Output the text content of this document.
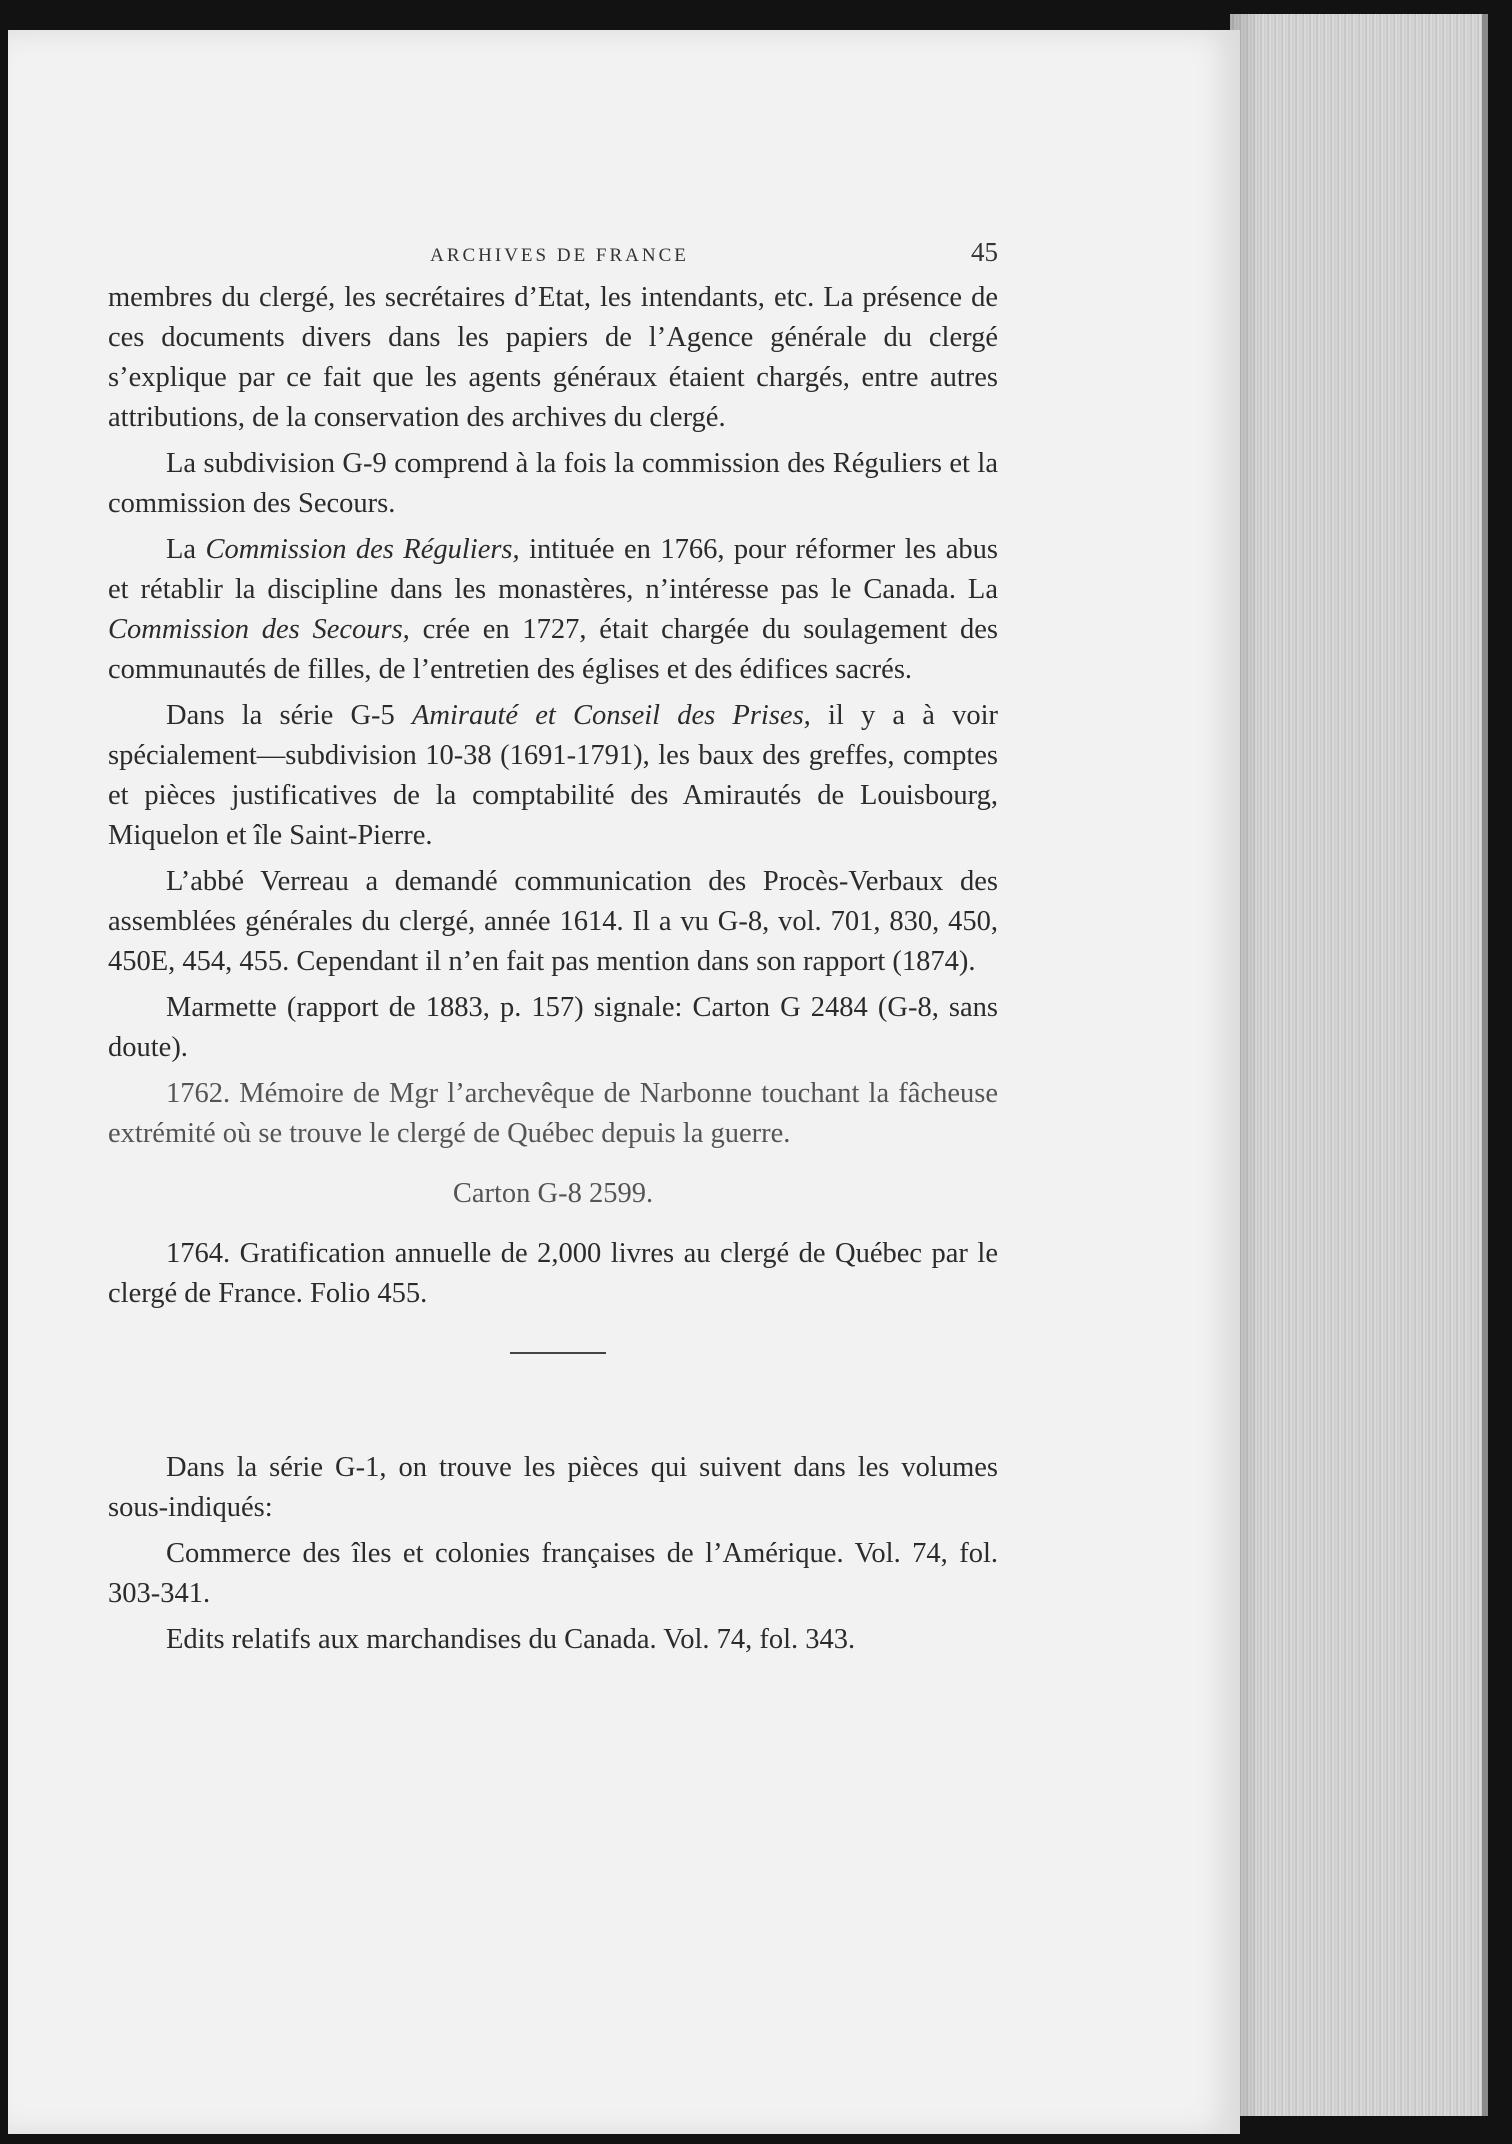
ARCHIVES DE FRANCE	45

membres du clergé, les secrétaires d’Etat, les intendants, etc. La présence de ces documents divers dans les papiers de l’Agence générale du clergé s’explique par ce fait que les agents généraux étaient chargés, entre autres attributions, de la conservation des archives du clergé.

La subdivision G-9 comprend à la fois la commission des Réguliers et la commission des Secours.

La Commission des Réguliers, intituée en 1766, pour réformer les abus et rétablir la discipline dans les monastères, n’intéresse pas le Canada. La Commission des Secours, crée en 1727, était chargée du soulagement des communautés de filles, de l’entretien des églises et des édifices sacrés.

Dans la série G-5 Amirauté et Conseil des Prises, il y a à voir spécialement—subdivision 10-38 (1691-1791), les baux des greffes, comptes et pièces justificatives de la comptabilité des Amirautés de Louisbourg, Miquelon et île Saint-Pierre.

L’abbé Verreau a demandé communication des Procès-Verbaux des assemblées générales du clergé, année 1614. Il a vu G-8, vol. 701, 830, 450, 450E, 454, 455. Cependant il n’en fait pas mention dans son rapport (1874).

Marmette (rapport de 1883, p. 157) signale: Carton G 2484 (G-8, sans doute).

1762. Mémoire de Mgr l’archevêque de Narbonne touchant la fâcheuse extrémité où se trouve le clergé de Québec depuis la guerre.

Carton G-8 2599.

1764. Gratification annuelle de 2,000 livres au clergé de Québec par le clergé de France. Folio 455.

Dans la série G-1, on trouve les pièces qui suivent dans les volumes sous-indiqués:

Commerce des îles et colonies françaises de l’Amérique. Vol. 74, fol. 303-341.

Edits relatifs aux marchandises du Canada. Vol. 74, fol. 343.
